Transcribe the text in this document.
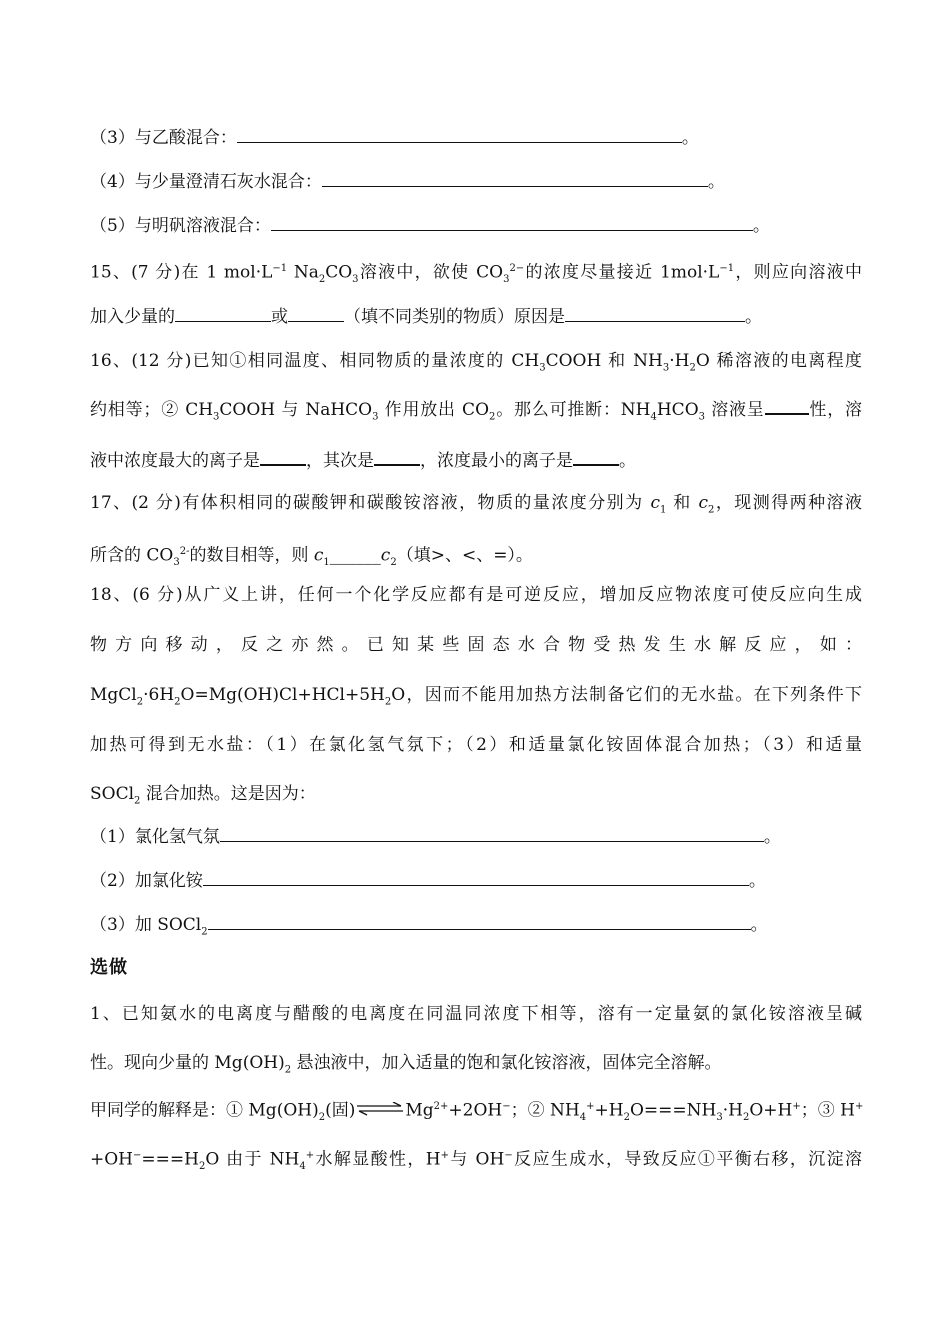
（3）与乙酸混合：	。
（4）与少量澄清石灰水混合：	。
（5）与明矾溶液混合：	。
15、(7 分)在 1 $mol\cdot L^{-1}$ $Na_2CO_3$溶液中，欲使 $CO_3^{2-}$的浓度尽量接近 $1mol\cdot L^{-1}$，则应向溶液中
加入少量的	或	（填不同类别的物质）原因是	。
16、(12 分)已知①相同温度、相同物质的量浓度的 $CH_3COOH$ 和 $NH_3\cdot H_2O$ 稀溶液的电离程度
约相等；② $CH_3COOH$ 与 NaHCO$_3$ 作用放出 $CO_2$。那么可推断：$NH_4HCO_3$ 溶液呈	性，溶
液中浓度最大的离子是	，其次是	，浓度最小的离子是	。
17、(2 分)有体积相同的碳酸钾和碳酸铵溶液，物质的量浓度分别为 $c_1$ 和 $c_2$，现测得两种溶液
所含的 $CO_3^{2-}$的数目相等，则 $c_1\_\_\_\_\_\_c_2$（填>、<、=）。
18、(6 分)从广义上讲，任何一个化学反应都有是可逆反应，增加反应物浓度可使反应向生成
物 方 向 移 动 ， 反 之 亦 然 。 已 知 某 些 固 态 水 合 物 受 热 发 生 水 解 反 应 ， 如 ：
$MgCl_2\cdot 6H_2O=Mg(OH)Cl+HCl+5H_2O$，因而不能用加热方法制备它们的无水盐。在下列条件下
加热可得到无水盐：（1）在氯化氢气氛下；（2）和适量氯化铵固体混合加热；（3）和适量
SOCl$_2$ 混合加热。这是因为：
（1）氯化氢气氛	。
（2）加氯化铵	。
（3）加 SOCl$_2$	。
选做
1、已知氨水的电离度与醋酸的电离度在同温同浓度下相等，溶有一定量氨的氯化铵溶液呈碱
性。现向少量的 $Mg(OH)_2$ 悬浊液中，加入适量的饱和氯化铵溶液，固体完全溶解。
甲同学的解释是：① $Mg(OH)_2$(固)$\rightleftharpoons Mg^{2+}+2OH^-$；② $NH_4^++H_2O===NH_3\cdot H_2O+H^+$；③ H+
$+OH^-===H_2O$ 由于 $NH_4^+$水解显酸性，H+与 OH−反应生成水，导致反应①平衡右移，沉淀溶
